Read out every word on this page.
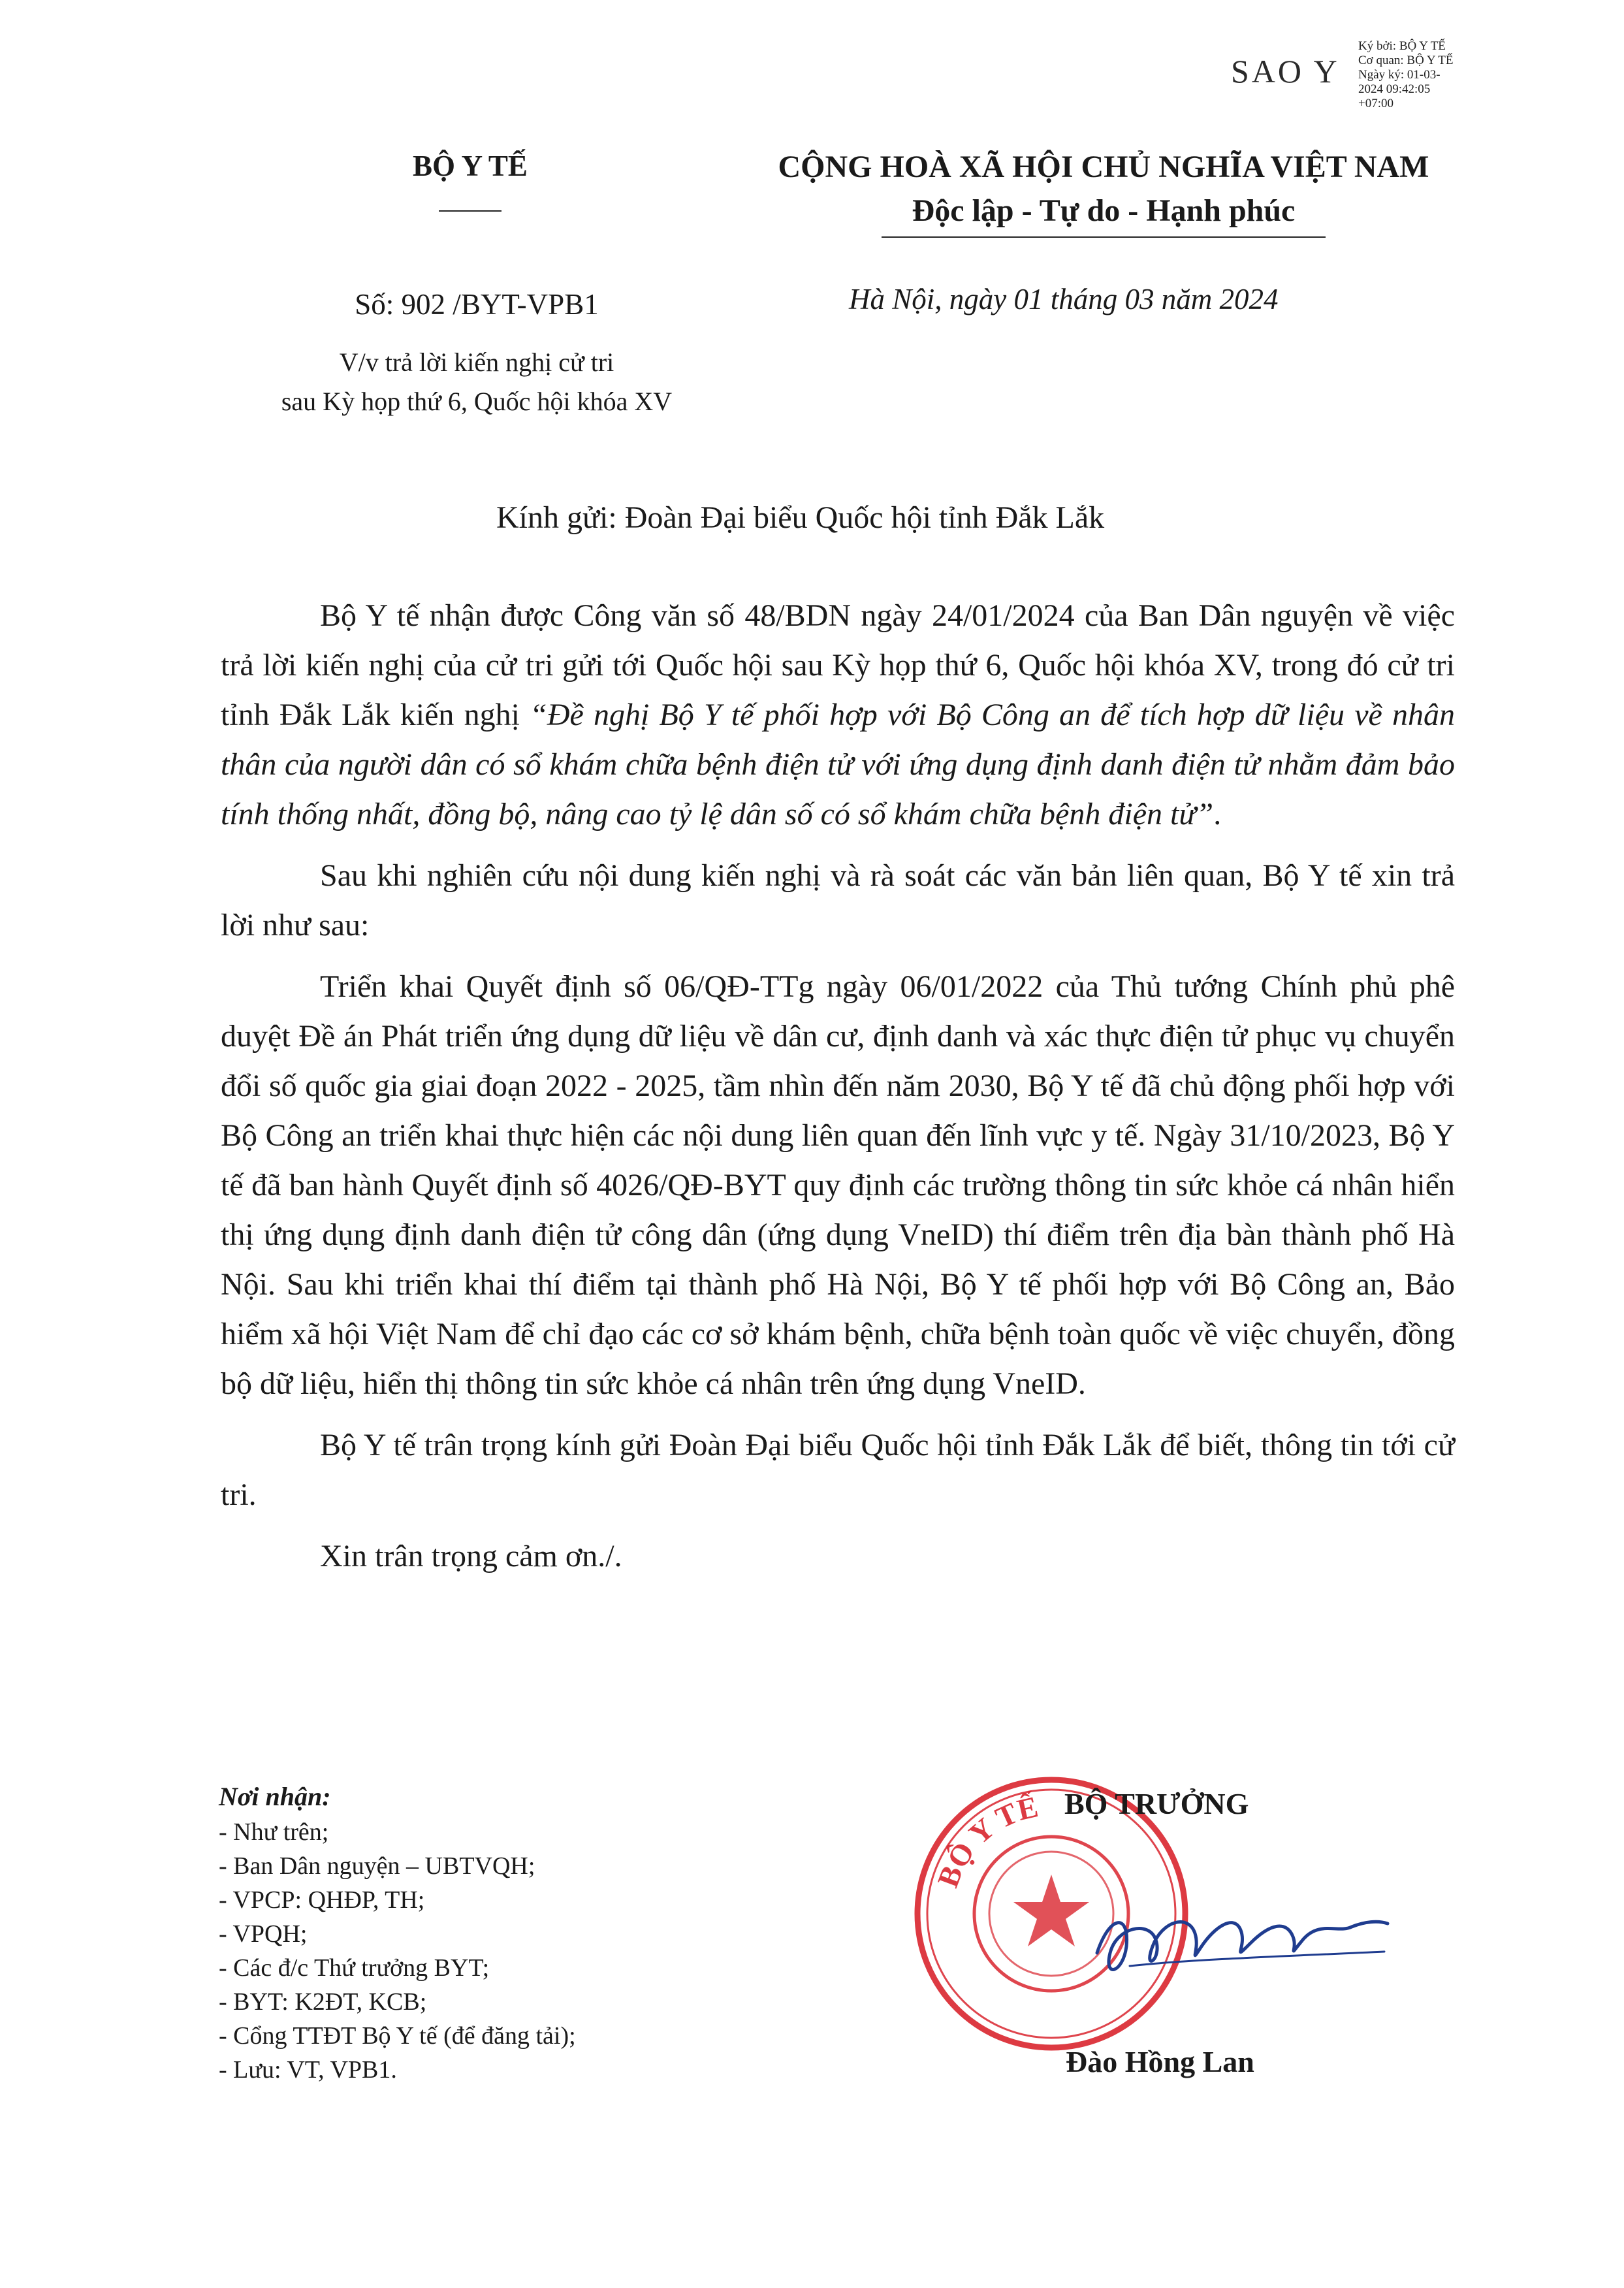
SAO Y
Ký bởi: BỘ Y TẾ
Cơ quan: BỘ Y TẾ
Ngày ký: 01-03-
2024 09:42:05
+07:00
BỘ Y TẾ	CỘNG HOÀ XÃ HỘI CHỦ NGHĨA VIỆT NAM
Độc lập - Tự do - Hạnh phúc
Số: 902 /BYT-VPB1	Hà Nội, ngày 01 tháng 03 năm 2024
V/v trả lời kiến nghị cử tri
sau Kỳ họp thứ 6, Quốc hội khóa XV
Kính gửi: Đoàn Đại biểu Quốc hội tỉnh Đắk Lắk

Bộ Y tế nhận được Công văn số 48/BDN ngày 24/01/2024 của Ban Dân nguyện về việc trả lời kiến nghị của cử tri gửi tới Quốc hội sau Kỳ họp thứ 6, Quốc hội khóa XV, trong đó cử tri tỉnh Đắk Lắk kiến nghị “Đề nghị Bộ Y tế phối hợp với Bộ Công an để tích hợp dữ liệu về nhân thân của người dân có sổ khám chữa bệnh điện tử với ứng dụng định danh điện tử nhằm đảm bảo tính thống nhất, đồng bộ, nâng cao tỷ lệ dân số có sổ khám chữa bệnh điện tử”.

Sau khi nghiên cứu nội dung kiến nghị và rà soát các văn bản liên quan, Bộ Y tế xin trả lời như sau:

Triển khai Quyết định số 06/QĐ-TTg ngày 06/01/2022 của Thủ tướng Chính phủ phê duyệt Đề án Phát triển ứng dụng dữ liệu về dân cư, định danh và xác thực điện tử phục vụ chuyển đổi số quốc gia giai đoạn 2022 - 2025, tầm nhìn đến năm 2030, Bộ Y tế đã chủ động phối hợp với Bộ Công an triển khai thực hiện các nội dung liên quan đến lĩnh vực y tế. Ngày 31/10/2023, Bộ Y tế đã ban hành Quyết định số 4026/QĐ-BYT quy định các trường thông tin sức khỏe cá nhân hiển thị ứng dụng định danh điện tử công dân (ứng dụng VneID) thí điểm trên địa bàn thành phố Hà Nội. Sau khi triển khai thí điểm tại thành phố Hà Nội, Bộ Y tế phối hợp với Bộ Công an, Bảo hiểm xã hội Việt Nam để chỉ đạo các cơ sở khám bệnh, chữa bệnh toàn quốc về việc chuyển, đồng bộ dữ liệu, hiển thị thông tin sức khỏe cá nhân trên ứng dụng VneID.

Bộ Y tế trân trọng kính gửi Đoàn Đại biểu Quốc hội tỉnh Đắk Lắk để biết, thông tin tới cử tri.

Xin trân trọng cảm ơn./.

Nơi nhận:
- Như trên;
- Ban Dân nguyện – UBTVQH;
- VPCP: QHĐP, TH;
- VPQH;
- Các đ/c Thứ trưởng BYT;
- BYT: K2ĐT, KCB;
- Cổng TTĐT Bộ Y tế (để đăng tải);
- Lưu: VT, VPB1.
BỘ Y TẾ BỘ TRƯỞNG
Đào Hồng Lan
